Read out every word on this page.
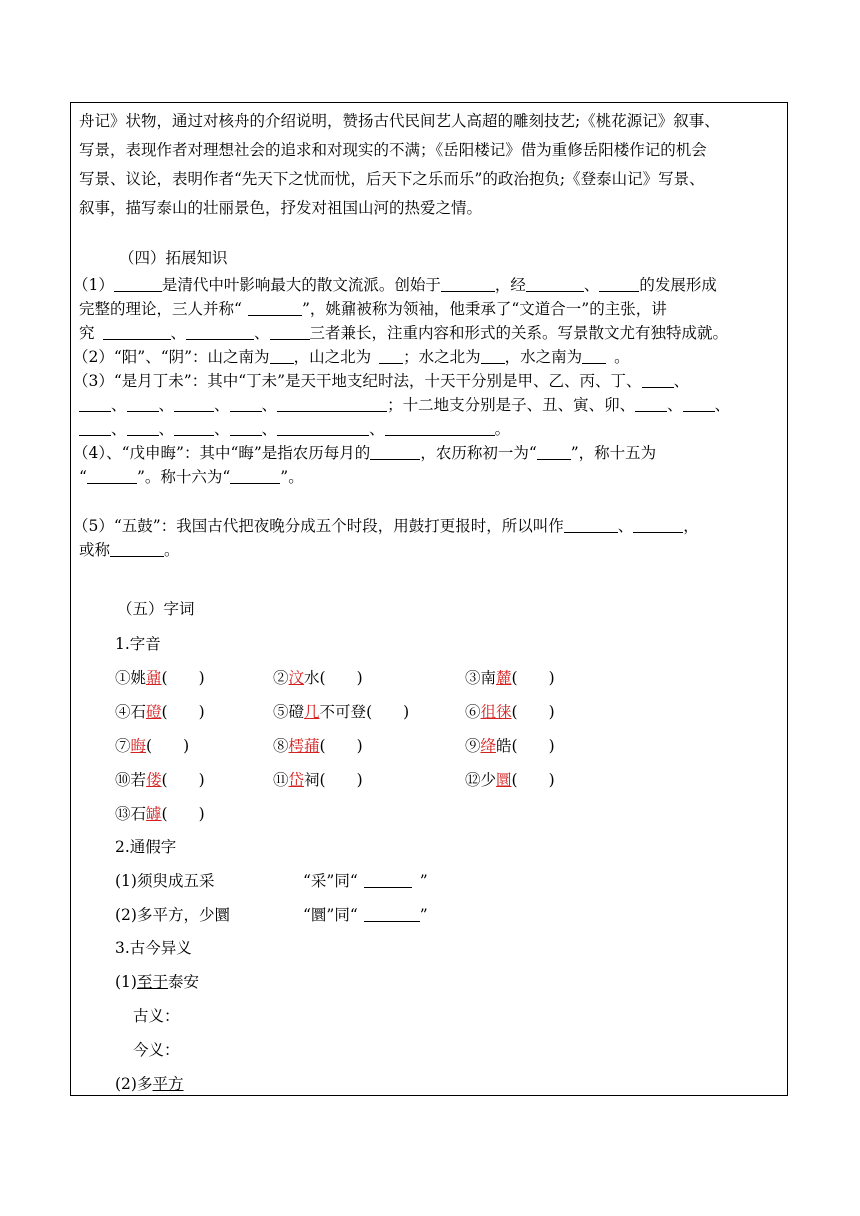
舟记》状物，通过对核舟的介绍说明，赞扬古代民间艺人高超的雕刻技艺;《桃花源记》叙事、
写景，表现作者对理想社会的追求和对现实的不满；《岳阳楼记》借为重修岳阳楼作记的机会
写景、议论，表明作者“先天下之忧而忧，后天下之乐而乐”的政治抱负;《登泰山记》写景、
叙事，描写泰山的壮丽景色，抒发对祖国山河的热爱之情。
（四）拓展知识
（1）	是清代中叶影响最大的散文流派。创始于	，经	、	的发展形成
完整的理论，三人并称“	”，姚鼐被称为领袖，他秉承了“文道合一”的主张，讲
究	、	、	三者兼长，注重内容和形式的关系。写景散文尤有独特成就。
（2）“阳”、“阴”：山之南为 ，山之北为 ；水之北为 ，水之南为 。
（3）“是月丁未”：其中“丁未”是天干地支纪时法，十天干分别是甲、乙、丙、丁、 、
、 、	、 、	；十二地支分别是子、丑、寅、卯、 、 、
、 、	、 、	、	。
（4）、“戊申晦”：其中“晦”是指农历每月的	，农历称初一为“ ”，称十五为
“	”。称十六为“	”。
（5）“五鼓”：我国古代把夜晚分成五个时段，用鼓打更报时，所以叫作	、	，
或称	。
（五）字词
1.字音
①姚鼐(　　)	②汶水(　　)	③南麓(　　)
④石磴(　　)	⑤磴几不可登(　　)	⑥徂徕(　　)
⑦晦(　　)	⑧樗蒱(　　)	⑨绛皓(　　)
⑩若偻(　　)	⑪岱祠(　　)	⑫少圜(　　)
⑬石罅(　　)
2.通假字
(1)须臾成五采	“采”同“	”
(2)多平方，少圜	“圜”同“	”
3.古今异义
(1)至于泰安
古义：
今义：
(2)多平方
